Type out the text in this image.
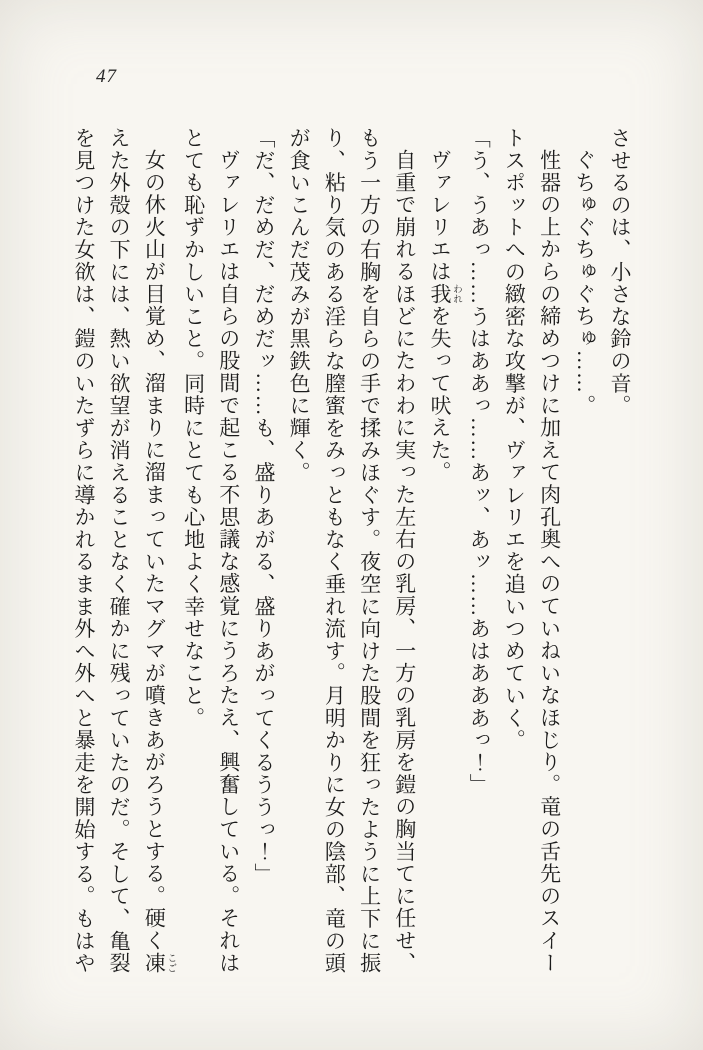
47

させるのは、小さな鈴の音。

ぐちゅぐちゅぐちゅ……。

性器の上からの締めつけに加えて肉孔奥へのていねいなほじり。竜の舌先のスイートスポットへの緻密な攻撃が、ヴァレリエを追いつめていく。

「う、うあっ……うはああっ……あッ、あッ……あはあああっ！」

ヴァレリエは我 われを失って吠えた。

自重で崩れるほどにたわわに実った左右の乳房、一方の乳房を鎧の胸当てに任せ、もう一方の右胸を自らの手で揉みほぐす。夜空に向けた股間を狂ったように上下に振り、粘り気のある淫らな膣蜜をみっともなく垂れ流す。月明かりに女の陰部、竜の頭が食いこんだ茂みが黒鉄色に輝く。

「だ、だめだ、だめだッ……も、盛りあがる、盛りあがってくるううっ！」

ヴァレリエは自らの股間で起こる不思議な感覚にうろたえ、興奮している。それはとても恥ずかしいこと。同時にとても心地よく幸せなこと。

女の休火山が目覚め、溜まりに溜まっていたマグマが噴きあがろうとする。硬く凍 こごえた外殻の下には、熱い欲望が消えることなく確かに残っていたのだ。そして、亀裂を見つけた女欲は、鎧のいたずらに導かれるまま外へ外へと暴走を開始する。もはや
